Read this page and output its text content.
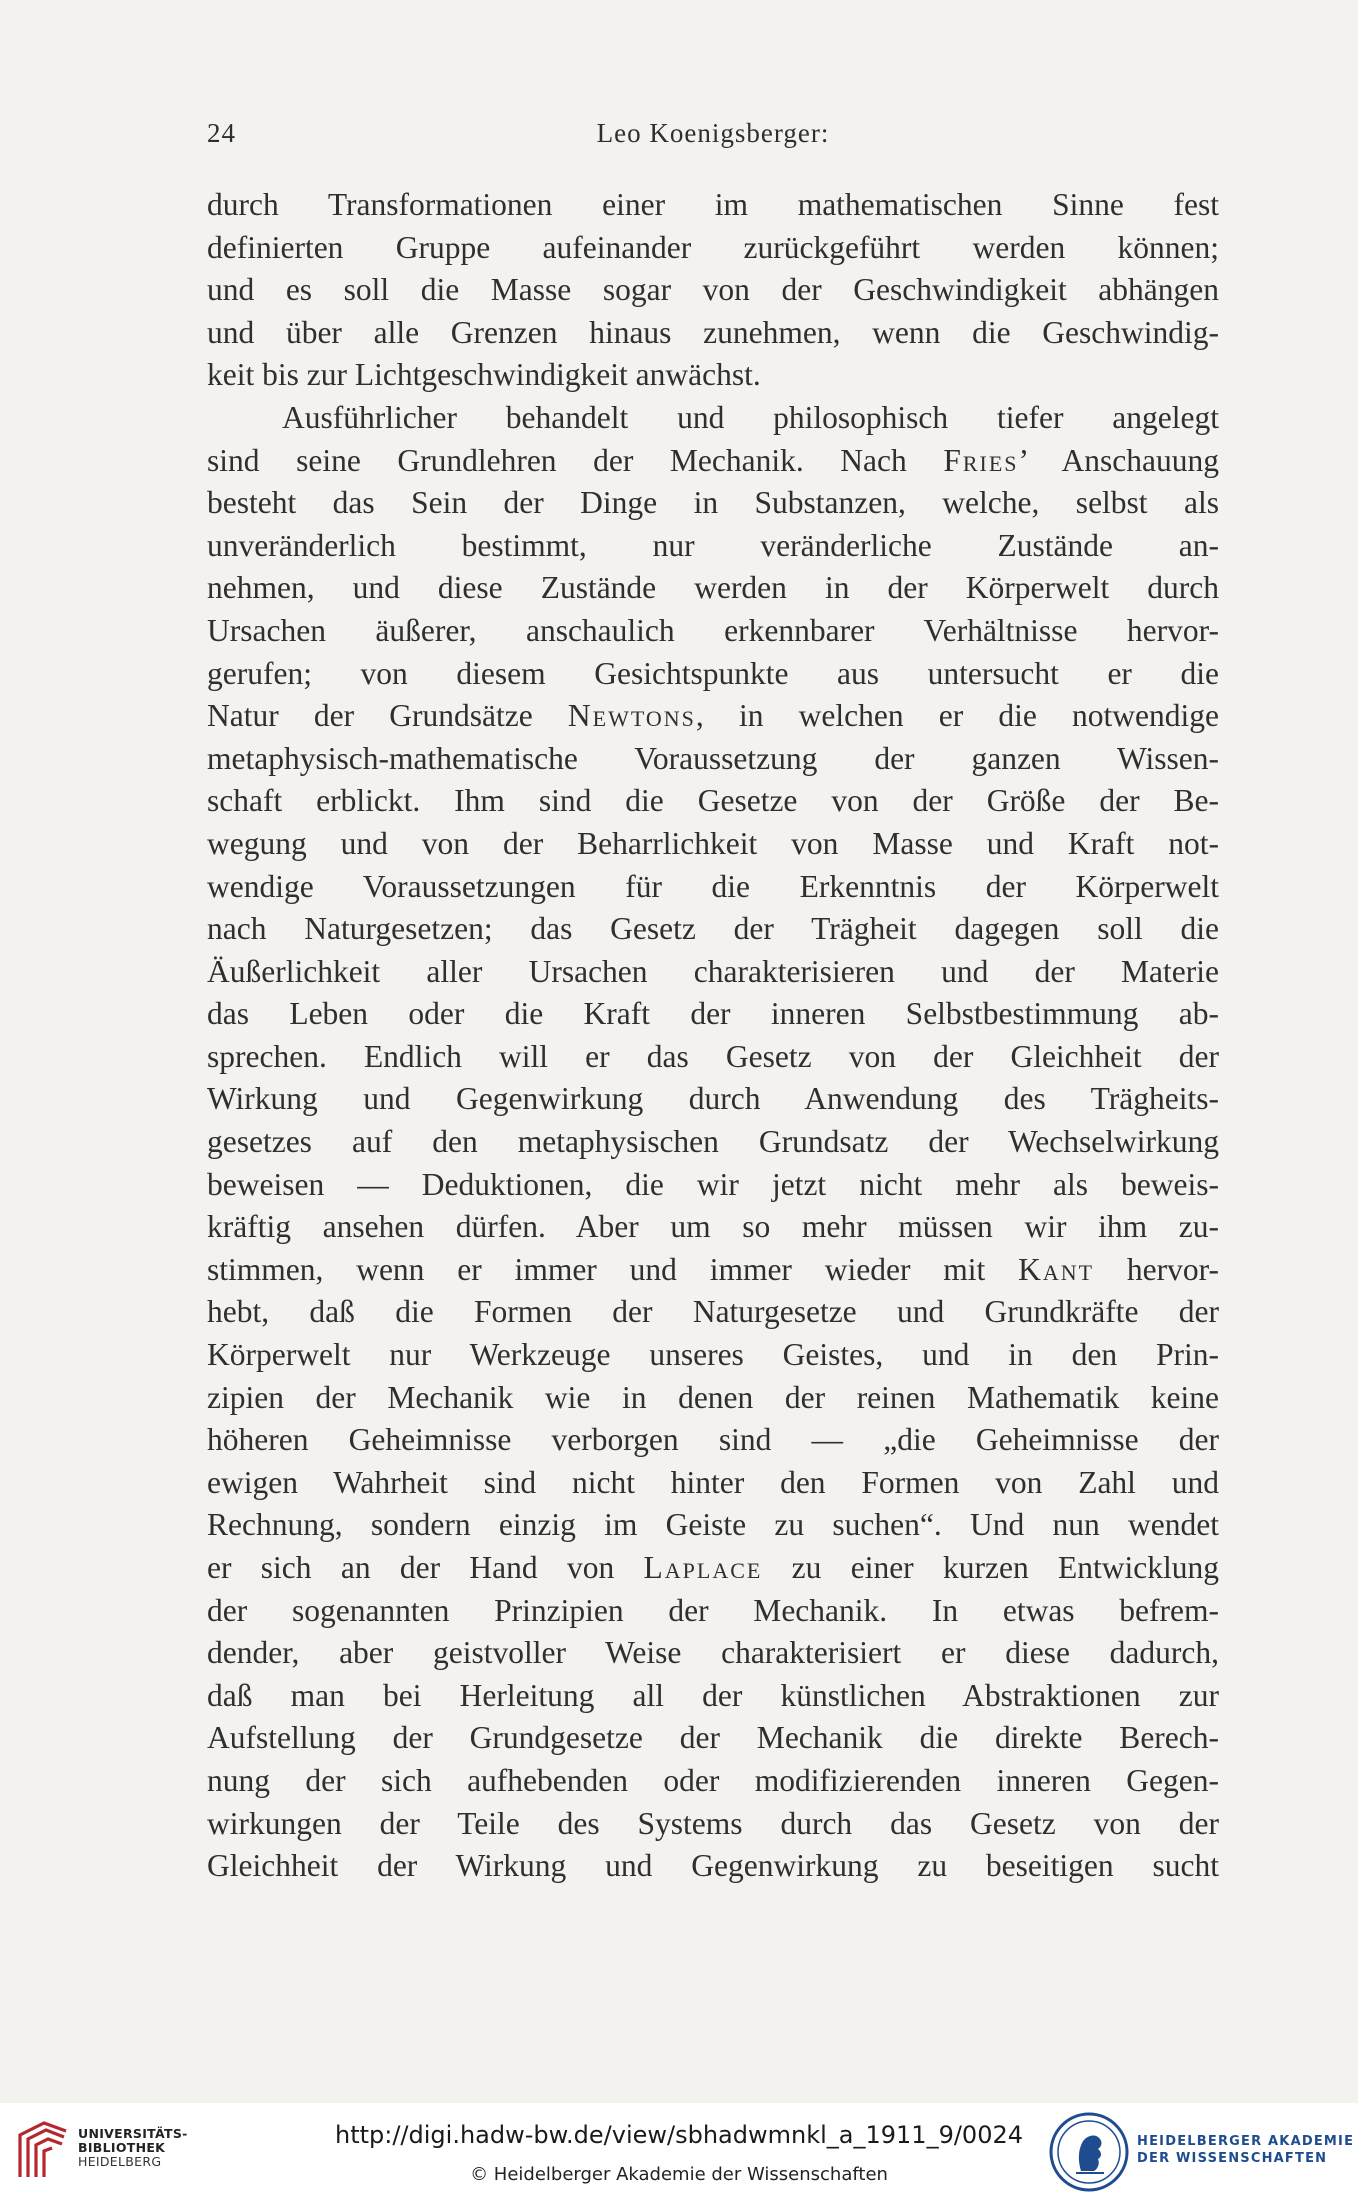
24	Leo Koenigsberger:
durch Transformationen einer im mathematischen Sinne fest
definierten Gruppe aufeinander zurückgeführt werden können;
und es soll die Masse sogar von der Geschwindigkeit abhängen
und über alle Grenzen hinaus zunehmen, wenn die Geschwindig-
keit bis zur Lichtgeschwindigkeit anwächst.
Ausführlicher behandelt und philosophisch tiefer angelegt
sind seine Grundlehren der Mechanik. Nach Fries’ Anschauung
besteht das Sein der Dinge in Substanzen, welche, selbst als
unveränderlich bestimmt, nur veränderliche Zustände an-
nehmen, und diese Zustände werden in der Körperwelt durch
Ursachen äußerer, anschaulich erkennbarer Verhältnisse hervor-
gerufen; von diesem Gesichtspunkte aus untersucht er die
Natur der Grundsätze Newtons, in welchen er die notwendige
metaphysisch-mathematische Voraussetzung der ganzen Wissen-
schaft erblickt. Ihm sind die Gesetze von der Größe der Be-
wegung und von der Beharrlichkeit von Masse und Kraft not-
wendige Voraussetzungen für die Erkenntnis der Körperwelt
nach Naturgesetzen; das Gesetz der Trägheit dagegen soll die
Äußerlichkeit aller Ursachen charakterisieren und der Materie
das Leben oder die Kraft der inneren Selbstbestimmung ab-
sprechen. Endlich will er das Gesetz von der Gleichheit der
Wirkung und Gegenwirkung durch Anwendung des Trägheits-
gesetzes auf den metaphysischen Grundsatz der Wechselwirkung
beweisen — Deduktionen, die wir jetzt nicht mehr als beweis-
kräftig ansehen dürfen. Aber um so mehr müssen wir ihm zu-
stimmen, wenn er immer und immer wieder mit Kant hervor-
hebt, daß die Formen der Naturgesetze und Grundkräfte der
Körperwelt nur Werkzeuge unseres Geistes, und in den Prin-
zipien der Mechanik wie in denen der reinen Mathematik keine
höheren Geheimnisse verborgen sind — „die Geheimnisse der
ewigen Wahrheit sind nicht hinter den Formen von Zahl und
Rechnung, sondern einzig im Geiste zu suchen“. Und nun wendet
er sich an der Hand von Laplace zu einer kurzen Entwicklung
der sogenannten Prinzipien der Mechanik. In etwas befrem-
dender, aber geistvoller Weise charakterisiert er diese dadurch,
daß man bei Herleitung all der künstlichen Abstraktionen zur
Aufstellung der Grundgesetze der Mechanik die direkte Berech-
nung der sich aufhebenden oder modifizierenden inneren Gegen-
wirkungen der Teile des Systems durch das Gesetz von der
Gleichheit der Wirkung und Gegenwirkung zu beseitigen sucht
UNIVERSITÄTS-
BIBLIOTHEK
HEIDELBERG
http://digi.hadw-bw.de/view/sbhadwmnkl_a_1911_9/0024
© Heidelberger Akademie der Wissenschaften
HEIDELBERGER AKADEMIE
DER WISSENSCHAFTEN
